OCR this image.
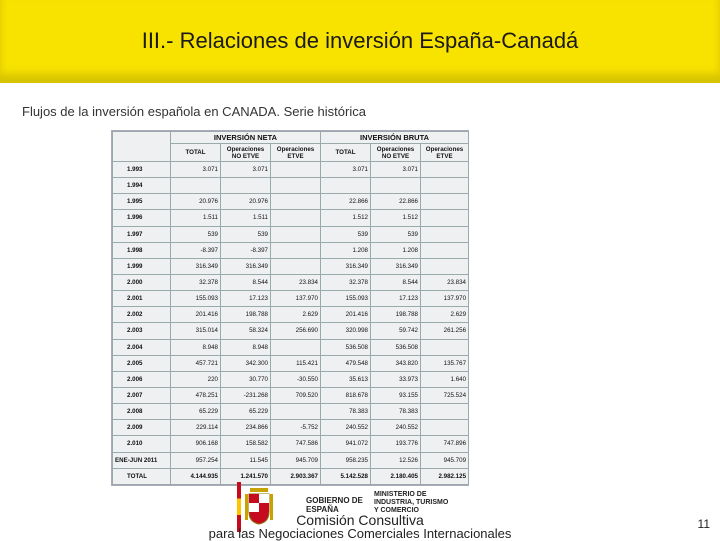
III.- Relaciones de inversión España-Canadá
Flujos de la inversión española en CANADA. Serie histórica
	INVERSIÓN NETA			INVERSIÓN BRUTA		
	TOTAL	Operaciones NO ETVE	Operaciones ETVE	TOTAL	Operaciones NO ETVE	Operaciones ETVE
1.993	3.071	3.071		3.071	3.071	
1.994						
1.995	20.976	20.976		22.866	22.866	
1.996	1.511	1.511		1.512	1.512	
1.997	539	539		539	539	
1.998	-8.397	-8.397		1.208	1.208	
1.999	316.349	316.349		316.349	316.349	
2.000	32.378	8.544	23.834	32.378	8.544	23.834
2.001	155.093	17.123	137.970	155.093	17.123	137.970
2.002	201.416	198.788	2.629	201.416	198.788	2.629
2.003	315.014	58.324	256.690	320.998	59.742	261.256
2.004	8.948	8.948		536.508	536.508	
2.005	457.721	342.300	115.421	479.548	343.820	135.767
2.006	220	30.770	-30.550	35.613	33.973	1.640
2.007	478.251	-231.268	709.520	818.678	93.155	725.524
2.008	65.229	65.229		78.383	78.383	
2.009	229.114	234.866	-5.752	240.552	240.552	
2.010	906.168	158.582	747.586	941.072	193.776	747.896
ENE-JUN 2011	957.254	11.545	945.709	958.235	12.526	945.709
TOTAL	4.144.935	1.241.570	2.903.367	5.142.528	2.180.405	2.982.125
GOBIERNO DE ESPAÑA
MINISTERIO DE INDUSTRIA, TURISMO Y COMERCIO
Comisión Consultiva
para las Negociaciones Comerciales Internacionales
11
